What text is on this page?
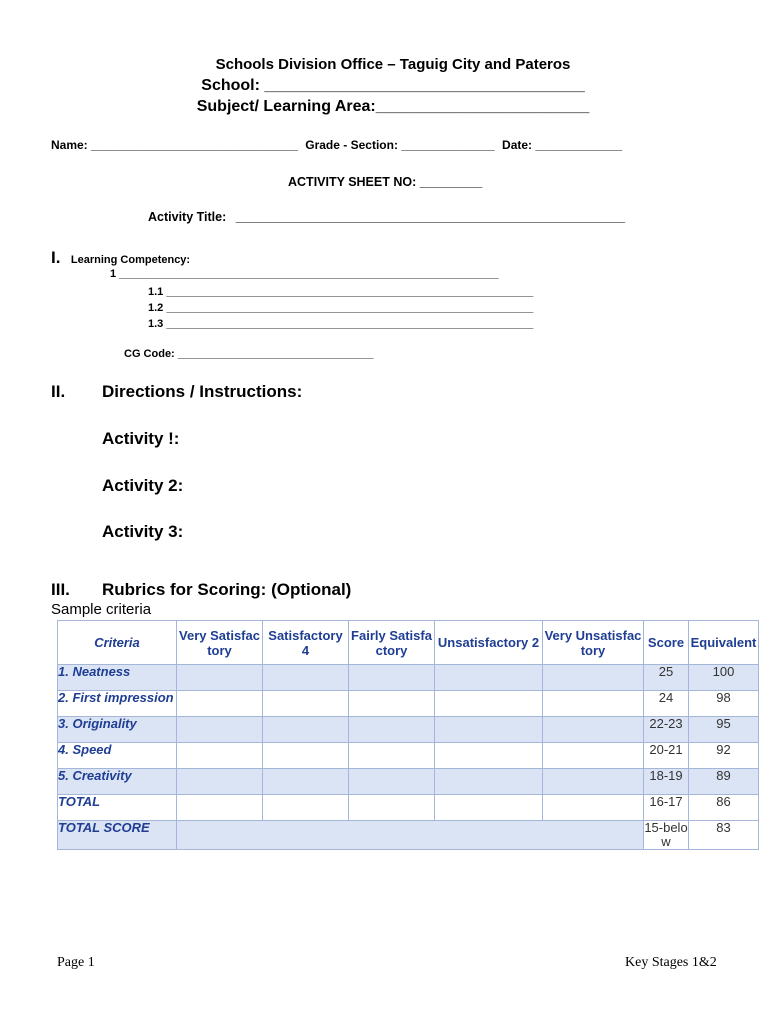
Schools Division Office – Taguig City and Pateros
School: ____________________________________
Subject/ Learning Area:________________________
Name: _______________________________ Grade - Section: ______________ Date: _____________
ACTIVITY SHEET NO: _________
Activity Title: ________________________________________________________
I. Learning Competency:
1 ______________________________________________________________
1.1 ____________________________________________________________
1.2 ____________________________________________________________
1.3 ____________________________________________________________
CG Code: ________________________________
II. Directions / Instructions:
Activity !:
Activity 2:
Activity 3:
III. Rubrics for Scoring: (Optional)
Sample criteria
Criteria	Very Satisfactory	Satisfactory 4	Fairly Satisfactory	Unsatisfactory 2	Very Unsatisfactory	Score	Equivalent
1. Neatness						25	100
2. First impression						24	98
3. Originality						22-23	95
4. Speed						20-21	92
5. Creativity						18-19	89
TOTAL						16-17	86
TOTAL SCORE						15-below	83
Page 1	Key Stages 1&2
